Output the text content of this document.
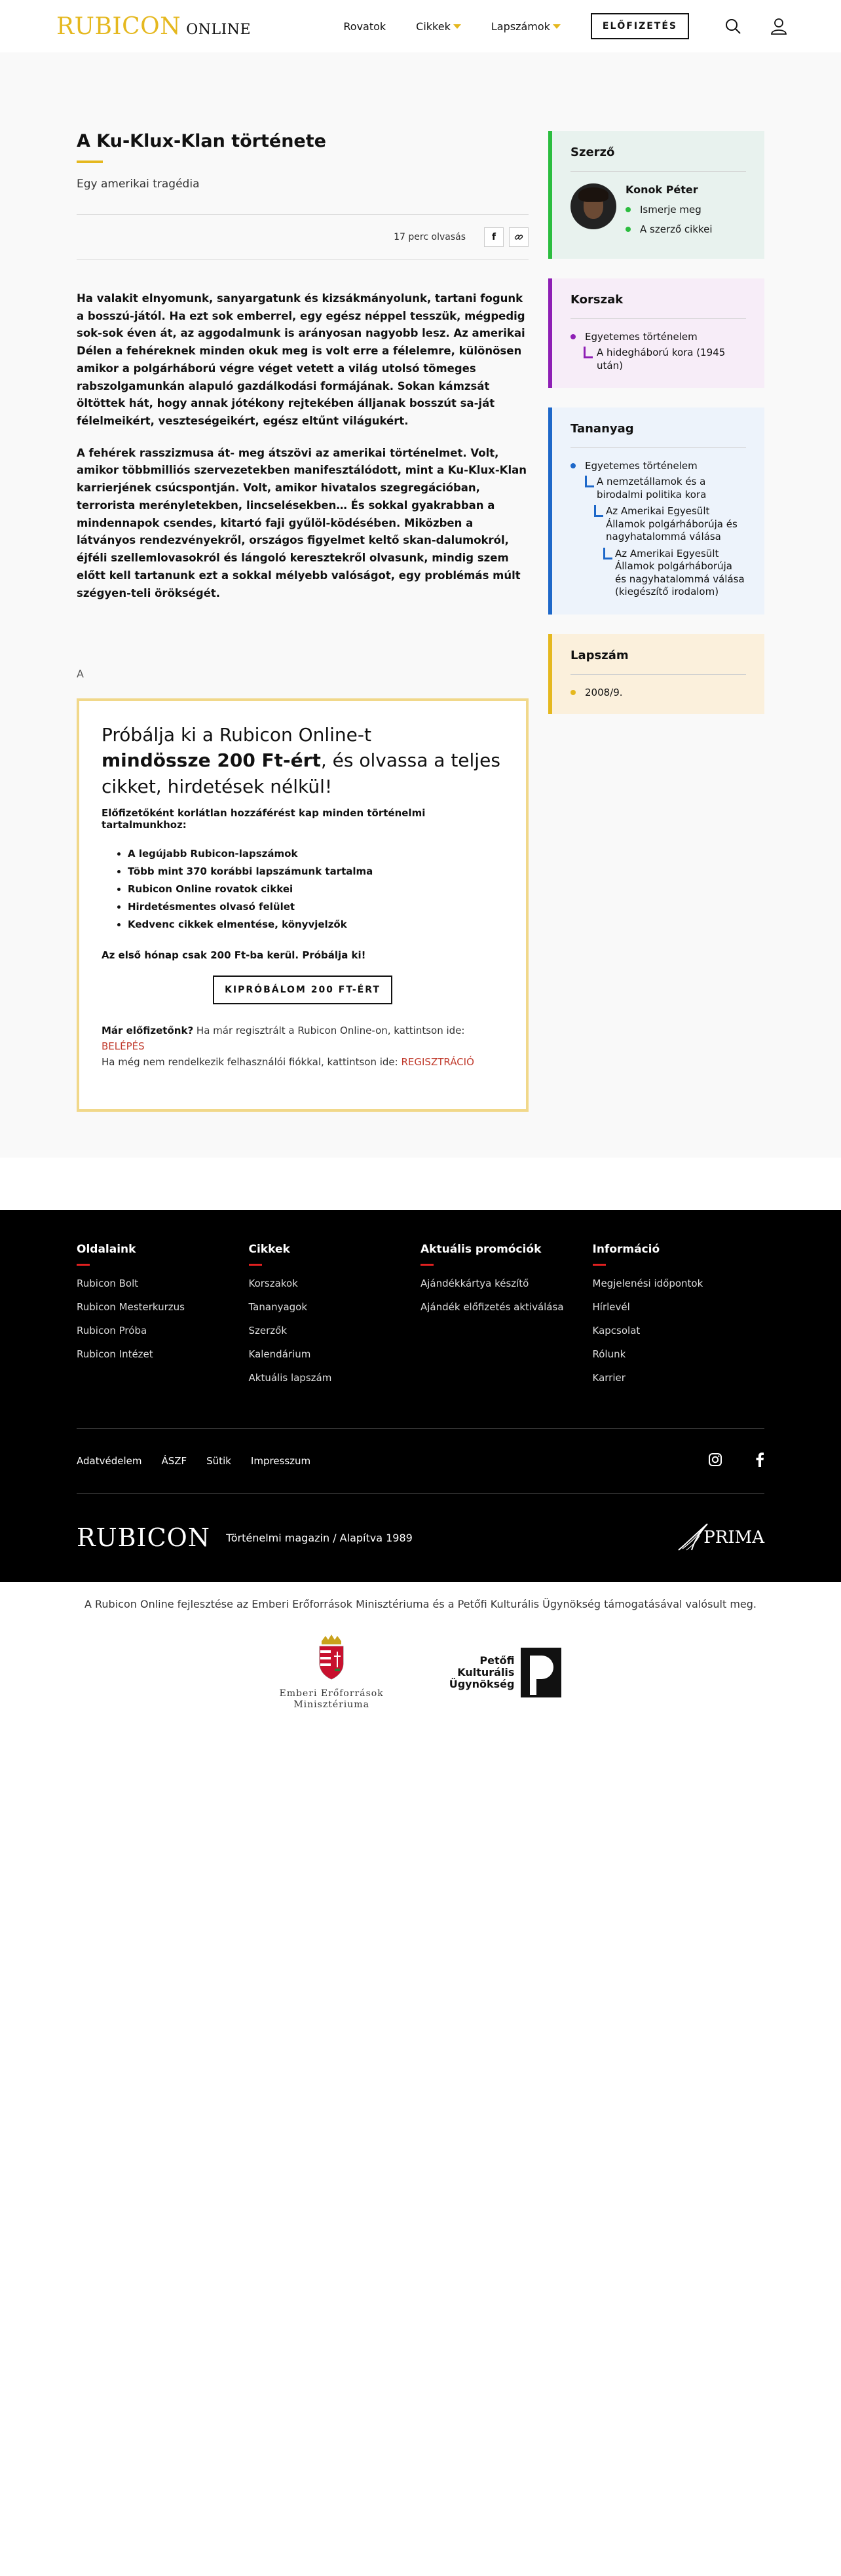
RUBICON ONLINE	Rovatok	Cikkek	Lapszámok	ELŐFIZETÉS
A Ku-Klux-Klan története
Egy amerikai tragédia
17 perc olvasás	f

Ha valakit elnyomunk, sanyargatunk és kizsákmányolunk, tartani fogunk a bosszú-jától. Ha ezt sok emberrel, egy egész néppel tesszük, mégpedig sok-sok éven át, az aggodalmunk is arányosan nagyobb lesz. Az amerikai Délen a fehéreknek minden okuk meg is volt erre a félelemre, különösen amikor a polgárháború végre véget vetett a világ utolsó tömeges rabszolgamunkán alapuló gazdálkodási formájának. Sokan kámzsát öltöttek hát, hogy annak jótékony rejtekében álljanak bosszút sa-ját félelmeikért, veszteségeikért, egész eltűnt világukért.

A fehérek rasszizmusa át- meg átszövi az amerikai történelmet. Volt, amikor többmilliós szervezetekben manifesztálódott, mint a Ku-Klux-Klan karrierjének csúcspontján. Volt, amikor hivatalos szegregációban, terrorista merényletekben, lincselésekben… És sokkal gyakrabban a mindennapok csendes, kitartó faji gyűlöl-ködésében. Miközben a látványos rendezvényekről, országos figyelmet keltő skan-dalumokról, éjféli szellemlovasokról és lángoló keresztekről olvasunk, mindig szem előtt kell tartanunk ezt a sokkal mélyebb valóságot, egy problémás múlt szégyen-teli örökségét.

A
Próbálja ki a Rubicon Online-t
mindössze 200 Ft-ért, és olvassa a teljes cikket, hirdetések nélkül!
Előfizetőként korlátlan hozzáférést kap minden történelmi tartalmunkhoz:
• A legújabb Rubicon-lapszámok
• Több mint 370 korábbi lapszámunk tartalma
• Rubicon Online rovatok cikkei
• Hirdetésmentes olvasó felület
• Kedvenc cikkek elmentése, könyvjelzők
Az első hónap csak 200 Ft-ba kerül. Próbálja ki!
KIPRÓBÁLOM 200 FT-ÉRT
Már előfizetőnk? Ha már regisztrált a Rubicon Online-on, kattintson ide: BELÉPÉS
Ha még nem rendelkezik felhasználói fiókkal, kattintson ide: REGISZTRÁCIÓ
Szerző
Konok Péter
Ismerje meg
A szerző cikkei
Korszak
Egyetemes történelem
A hidegháború kora (1945 után)
Tananyag
Egyetemes történelem
A nemzetállamok és a birodalmi politika kora
Az Amerikai Egyesült Államok polgárháborúja és nagyhatalommá válása
Az Amerikai Egyesült Államok polgárháborúja és nagyhatalommá válása (kiegészítő irodalom)
Lapszám
2008/9.
Oldalaink
Rubicon Bolt
Rubicon Mesterkurzus
Rubicon Próba
Rubicon Intézet
Cikkek
Korszakok
Tananyagok
Szerzők
Kalendárium
Aktuális lapszám
Aktuális promóciók
Ajándékkártya készítő
Ajándék előfizetés aktiválása
Információ
Megjelenési időpontok
Hírlevél
Kapcsolat
Rólunk
Karrier
Adatvédelem ÁSZF Sütik Impresszum
RUBICON Történelmi magazin / Alapítva 1989	PRIMA
A Rubicon Online fejlesztése az Emberi Erőforrások Minisztériuma és a Petőfi Kulturális Ügynökség támogatásával valósult meg.
Emberi Erőforrások
Minisztériuma
Petőfi
Kulturális
Ügynökség
